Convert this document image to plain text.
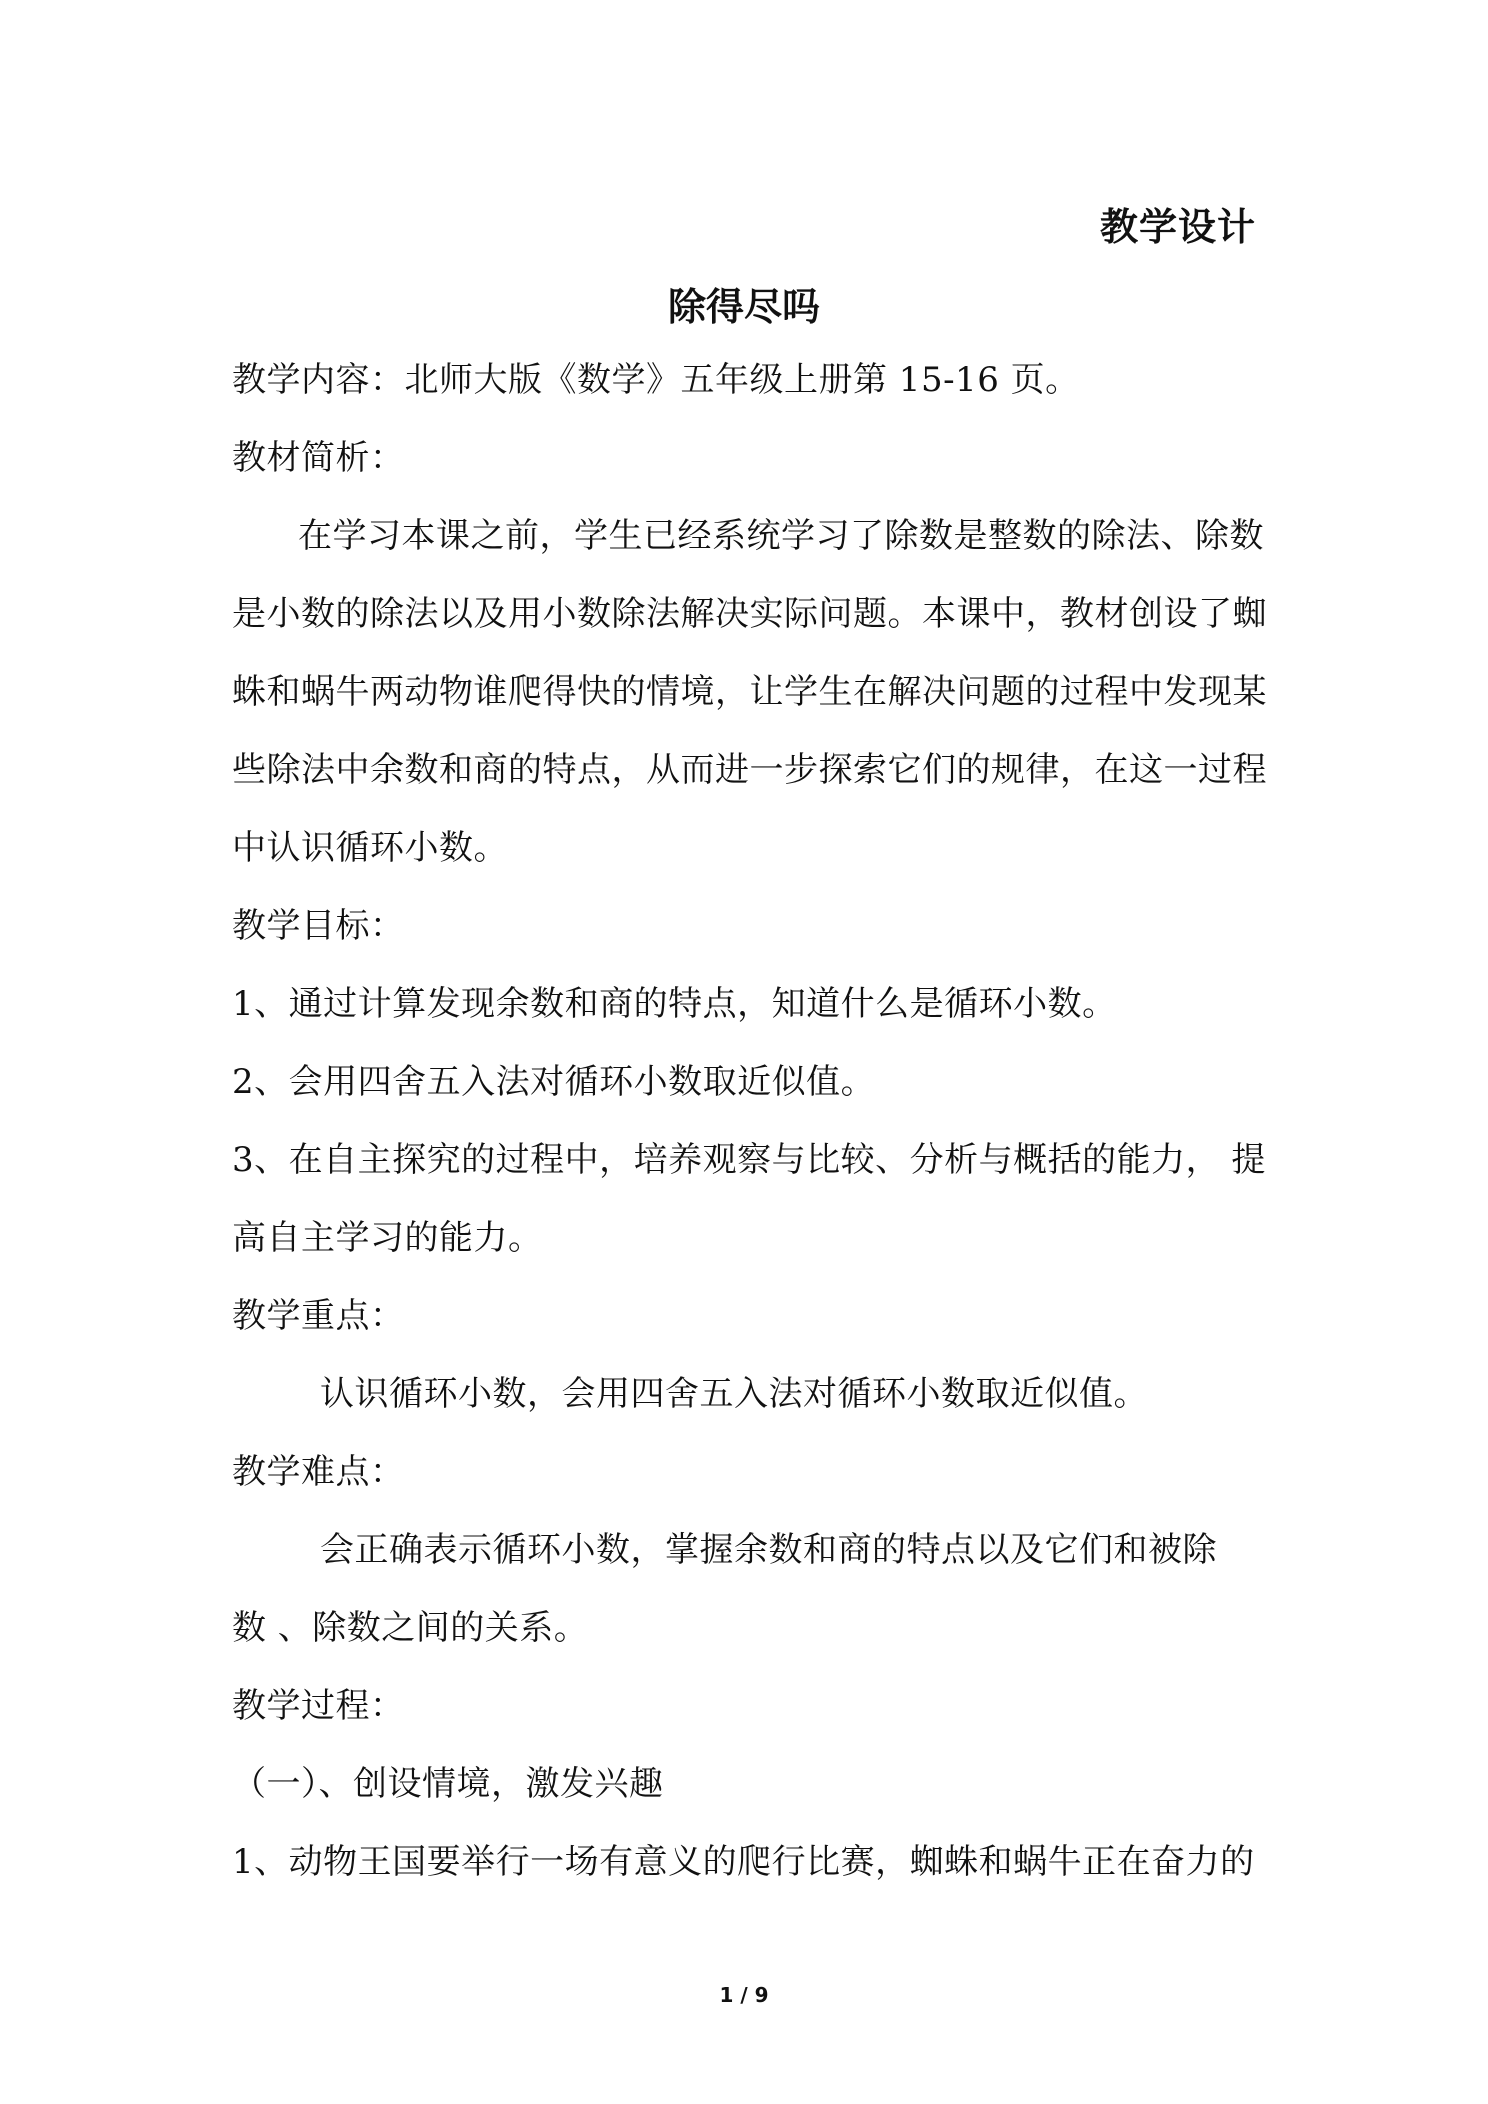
教学设计
除得尽吗
教学内容：北师大版《数学》五年级上册第 15-16 页。
教材简析：
在学习本课之前，学生已经系统学习了除数是整数的除法、除数
是小数的除法以及用小数除法解决实际问题。本课中，教材创设了蜘
蛛和蜗牛两动物谁爬得快的情境，让学生在解决问题的过程中发现某
些除法中余数和商的特点，从而进一步探索它们的规律，在这一过程
中认识循环小数。
教学目标：
1、通过计算发现余数和商的特点，知道什么是循环小数。
2、会用四舍五入法对循环小数取近似值。
3、在自主探究的过程中，培养观察与比较、分析与概括的能力， 提
高自主学习的能力。
教学重点：
认识循环小数，会用四舍五入法对循环小数取近似值。
教学难点：
会正确表示循环小数，掌握余数和商的特点以及它们和被除
数 、除数之间的关系。
教学过程：
（一）、创设情境，激发兴趣
1、动物王国要举行一场有意义的爬行比赛，蜘蛛和蜗牛正在奋力的
1 / 9
